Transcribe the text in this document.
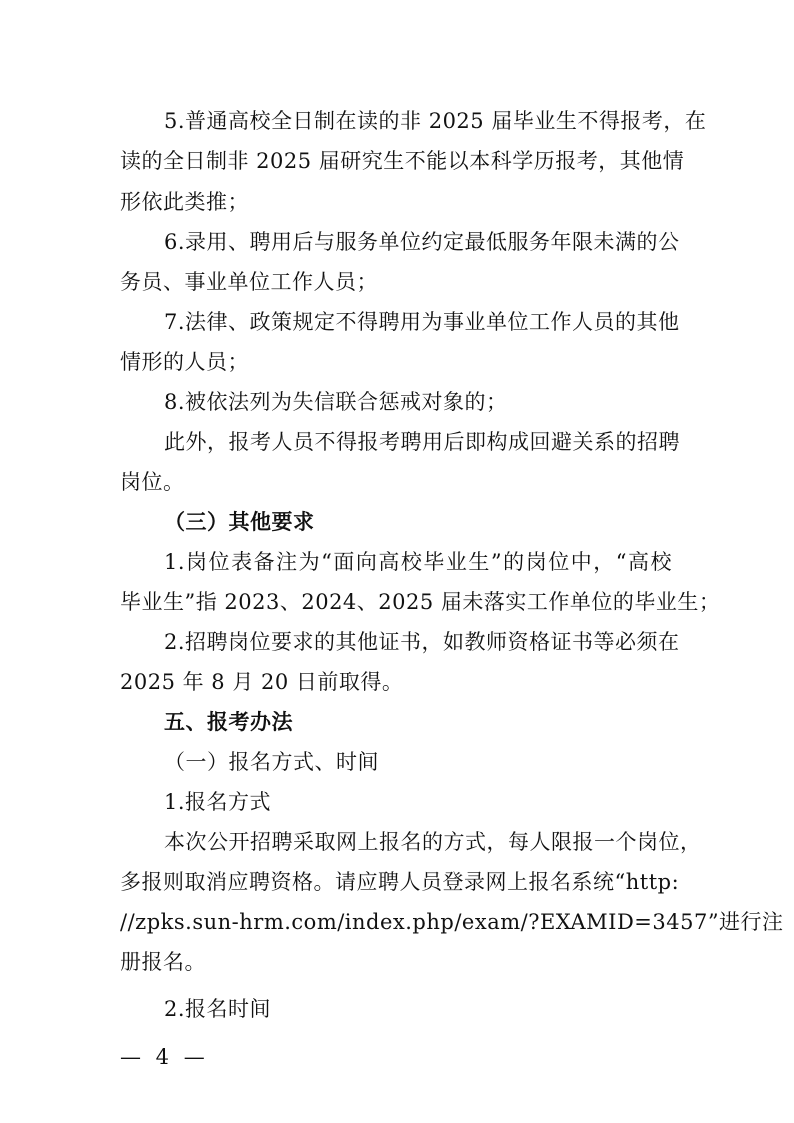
5.普通高校全日制在读的非 2025 届毕业生不得报考，在
读的全日制非 2025 届研究生不能以本科学历报考，其他情
形依此类推；
6.录用、聘用后与服务单位约定最低服务年限未满的公
务员、事业单位工作人员；
7.法律、政策规定不得聘用为事业单位工作人员的其他
情形的人员；
8.被依法列为失信联合惩戒对象的；
此外，报考人员不得报考聘用后即构成回避关系的招聘
岗位。
（三）其他要求
1.岗位表备注为“面向高校毕业生”的岗位中，“高校
毕业生”指 2023、2024、2025 届未落实工作单位的毕业生；
2.招聘岗位要求的其他证书，如教师资格证书等必须在
2025 年 8 月 20 日前取得。
五、报考办法
（一）报名方式、时间
1.报名方式
本次公开招聘采取网上报名的方式，每人限报一个岗位，
多报则取消应聘资格。请应聘人员登录网上报名系统“http:
//zpks.sun-hrm.com/index.php/exam/?EXAMID=3457”进行注
册报名。
2.报名时间
— 4 —
